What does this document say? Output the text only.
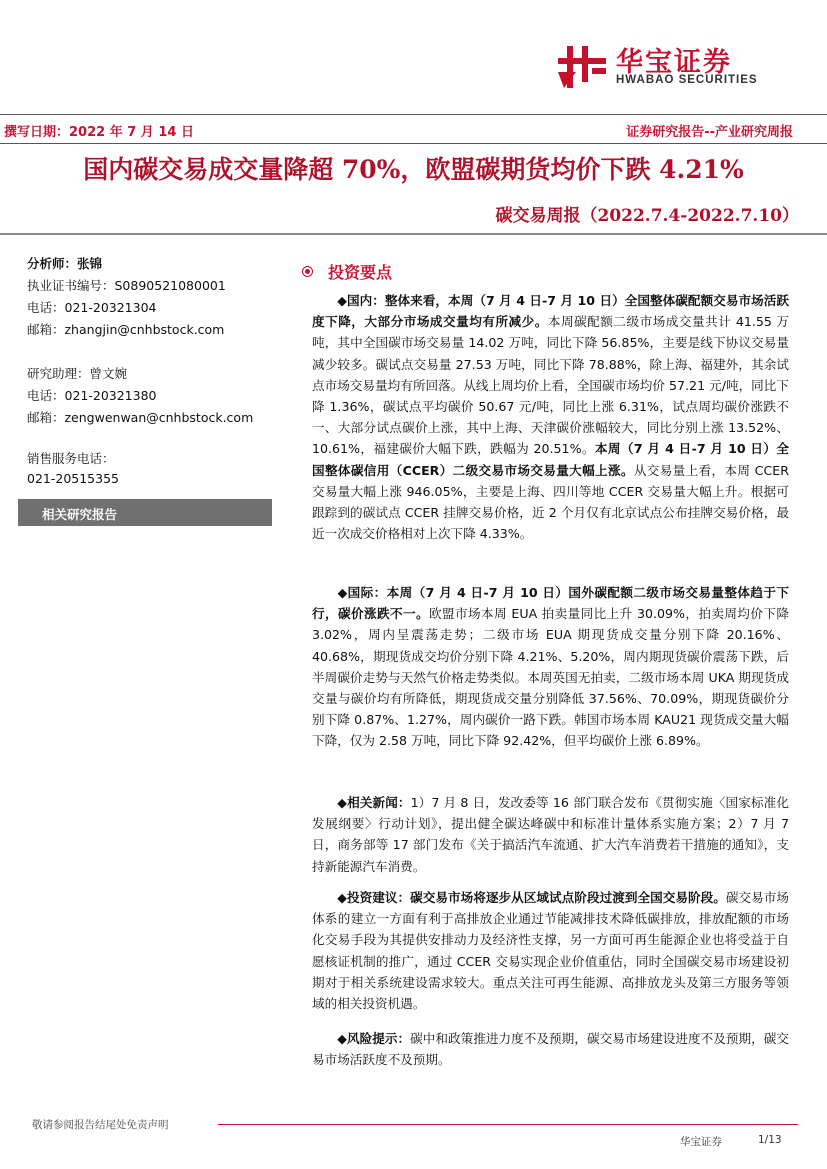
华宝证券
HWABAO SECURITIES
撰写日期：2022 年 7 月 14 日	证券研究报告--产业研究周报
国内碳交易成交量降超 70%，欧盟碳期货均价下跌 4.21%
碳交易周报（2022.7.4-2022.7.10）
分析师：张锦
执业证书编号：S0890521080001
电话：021-20321304
邮箱：zhangjin@cnhbstock.com
研究助理：曾文婉
电话：021-20321380
邮箱：zengwenwan@cnhbstock.com
销售服务电话：
021-20515355
相关研究报告
投资要点
  ◆国内：整体来看，本周（7 月 4 日-7 月 10 日）全国整体碳配额交易市场活跃度下降，大部分市场成交量均有所减少。本周碳配额二级市场成交量共计 41.55 万吨，其中全国碳市场交易量 14.02 万吨，同比下降 56.85%，主要是线下协议交易量减少较多。碳试点交易量 27.53 万吨，同比下降 78.88%，除上海、福建外，其余试点市场交易量均有所回落。从线上周均价上看，全国碳市场均价 57.21 元/吨，同比下降 1.36%，碳试点平均碳价 50.67 元/吨，同比上涨 6.31%，试点周均碳价涨跌不一、大部分试点碳价上涨，其中上海、天津碳价涨幅较大，同比分别上涨 13.52%、10.61%，福建碳价大幅下跌，跌幅为 20.51%。本周（7 月 4 日-7 月 10 日）全国整体碳信用（CCER）二级交易市场交易量大幅上涨。从交易量上看，本周 CCER 交易量大幅上涨 946.05%，主要是上海、四川等地 CCER 交易量大幅上升。根据可跟踪到的碳试点 CCER 挂牌交易价格，近 2 个月仅有北京试点公布挂牌交易价格，最近一次成交价格相对上次下降 4.33%。
  ◆国际：本周（7 月 4 日-7 月 10 日）国外碳配额二级市场交易量整体趋于下行，碳价涨跌不一。欧盟市场本周 EUA 拍卖量同比上升 30.09%，拍卖周均价下降 3.02%，周内呈震荡走势；二级市场 EUA 期现货成交量分别下降 20.16%、40.68%，期现货成交均价分别下降 4.21%、5.20%，周内期现货碳价震荡下跌，后半周碳价走势与天然气价格走势类似。本周英国无拍卖，二级市场本周 UKA 期现货成交量与碳价均有所降低，期现货成交量分别降低 37.56%、70.09%，期现货碳价分别下降 0.87%、1.27%，周内碳价一路下跌。韩国市场本周 KAU21 现货成交量大幅下降，仅为 2.58 万吨，同比下降 92.42%，但平均碳价上涨 6.89%。
  ◆相关新闻：1）7 月 8 日，发改委等 16 部门联合发布《贯彻实施〈国家标准化发展纲要〉行动计划》，提出健全碳达峰碳中和标准计量体系实施方案；2）7 月 7 日，商务部等 17 部门发布《关于搞活汽车流通、扩大汽车消费若干措施的通知》，支持新能源汽车消费。
  ◆投资建议：碳交易市场将逐步从区域试点阶段过渡到全国交易阶段。碳交易市场体系的建立一方面有利于高排放企业通过节能减排技术降低碳排放，排放配额的市场化交易手段为其提供安排动力及经济性支撑，另一方面可再生能源企业也将受益于自愿核证机制的推广，通过 CCER 交易实现企业价值重估，同时全国碳交易市场建设初期对于相关系统建设需求较大。重点关注可再生能源、高排放龙头及第三方服务等领域的相关投资机遇。
  ◆风险提示：碳中和政策推进力度不及预期，碳交易市场建设进度不及预期，碳交易市场活跃度不及预期。
敬请参阅报告结尾处免责声明
华宝证券	1/13
